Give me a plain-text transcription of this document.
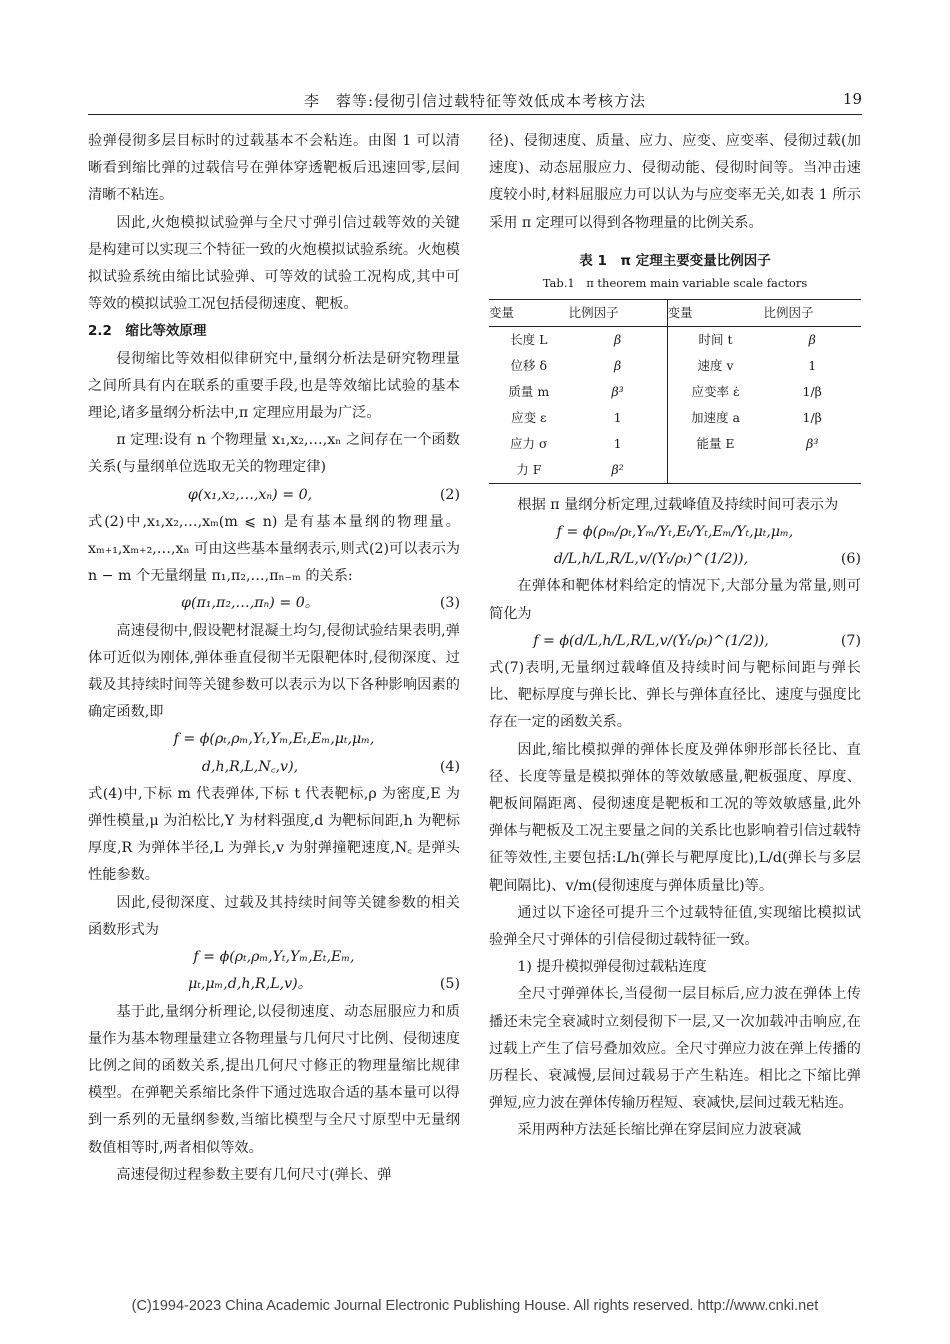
李　蓉等:侵彻引信过载特征等效低成本考核方法	19

验弹侵彻多层目标时的过载基本不会粘连。由图 1 可以清晰看到缩比弹的过载信号在弹体穿透靶板后迅速回零,层间清晰不粘连。

因此,火炮模拟试验弹与全尺寸弹引信过载等效的关键是构建可以实现三个特征一致的火炮模拟试验系统。火炮模拟试验系统由缩比试验弹、可等效的试验工况构成,其中可等效的模拟试验工况包括侵彻速度、靶板。

2.2　 缩比等效原理

侵彻缩比等效相似律研究中,量纲分析法是研究物理量之间所具有内在联系的重要手段,也是等效缩比试验的基本理论,诸多量纲分析法中,π 定理应用最为广泛。

π 定理:设有 n 个物理量 x₁,x₂,…,xₙ 之间存在一个函数关系(与量纲单位选取无关的物理定律)

φ(x₁,x₂,…,xₙ) = 0,	(2)

式(2)中,x₁,x₂,…,xₘ(m ⩽ n) 是有基本量纲的物理量。xₘ₊₁,xₘ₊₂,…,xₙ 可由这些基本量纲表示,则式(2)可以表示为 n − m 个无量纲量 π₁,π₂,…,πₙ₋ₘ 的关系:

φ(π₁,π₂,…,πₙ) = 0。	(3)

高速侵彻中,假设靶材混凝土均匀,侵彻试验结果表明,弹体可近似为刚体,弹体垂直侵彻半无限靶体时,侵彻深度、过载及其持续时间等关键参数可以表示为以下各种影响因素的确定函数,即

f = ϕ(ρₜ,ρₘ,Yₜ,Yₘ,Eₜ,Eₘ,μₜ,μₘ,

d,h,R,L,N꜀,v),	(4)

式(4)中,下标 m 代表弹体,下标 t 代表靶标,ρ 为密度,E 为弹性模量,μ 为泊松比,Y 为材料强度,d 为靶标间距,h 为靶标厚度,R 为弹体半径,L 为弹长,v 为射弹撞靶速度,N꜀ 是弹头性能参数。

因此,侵彻深度、过载及其持续时间等关键参数的相关函数形式为

f = ϕ(ρₜ,ρₘ,Yₜ,Yₘ,Eₜ,Eₘ,

μₜ,μₘ,d,h,R,L,v)。	(5)

基于此,量纲分析理论,以侵彻速度、动态屈服应力和质量作为基本物理量建立各物理量与几何尺寸比例、侵彻速度比例之间的函数关系,提出几何尺寸修正的物理量缩比规律模型。在弹靶关系缩比条件下通过选取合适的基本量可以得到一系列的无量纲参数,当缩比模型与全尺寸原型中无量纲数值相等时,两者相似等效。

高速侵彻过程参数主要有几何尺寸(弹长、弹

径)、侵彻速度、质量、应力、应变、应变率、侵彻过载(加速度)、动态屈服应力、侵彻动能、侵彻时间等。当冲击速度较小时,材料屈服应力可以认为与应变率无关,如表 1 所示采用 π 定理可以得到各物理量的比例关系。

表 1　π 定理主要变量比例因子
Tab.1　π theorem main variable scale factors
变量	比例因子	变量	比例因子
长度 L	β	时间 t	β
位移 δ	β	速度 v	1
质量 m	β³	应变率 ε̇	1/β
应变 ε	1	加速度 a	1/β
应力 σ	1	能量 E	β³
力 F	β²		

根据 π 量纲分析定理,过载峰值及持续时间可表示为

f = ϕ(ρₘ/ρₜ,Yₘ/Yₜ,Eₜ/Yₜ,Eₘ/Yₜ,μₜ,μₘ,

d/L,h/L,R/L,v/(Yₜ/ρₜ)^(1/2)),	(6)

在弹体和靶体材料给定的情况下,大部分量为常量,则可简化为

f = ϕ(d/L,h/L,R/L,v/(Yₜ/ρₜ)^(1/2)),	(7)

式(7)表明,无量纲过载峰值及持续时间与靶标间距与弹长比、靶标厚度与弹长比、弹长与弹体直径比、速度与强度比存在一定的函数关系。

因此,缩比模拟弹的弹体长度及弹体卵形部长径比、直径、长度等量是模拟弹体的等效敏感量,靶板强度、厚度、靶板间隔距离、侵彻速度是靶板和工况的等效敏感量,此外弹体与靶板及工况主要量之间的关系比也影响着引信过载特征等效性,主要包括:L/h(弹长与靶厚度比),L/d(弹长与多层靶间隔比)、v/m(侵彻速度与弹体质量比)等。

通过以下途径可提升三个过载特征值,实现缩比模拟试验弹全尺寸弹体的引信侵彻过载特征一致。

1) 提升模拟弹侵彻过载粘连度

全尺寸弹弹体长,当侵彻一层目标后,应力波在弹体上传播还未完全衰减时立刻侵彻下一层,又一次加载冲击响应,在过载上产生了信号叠加效应。全尺寸弹应力波在弹上传播的历程长、衰减慢,层间过载易于产生粘连。相比之下缩比弹弹短,应力波在弹体传输历程短、衰减快,层间过载无粘连。

采用两种方法延长缩比弹在穿层间应力波衰减

(C)1994-2023 China Academic Journal Electronic Publishing House. All rights reserved. http://www.cnki.net
